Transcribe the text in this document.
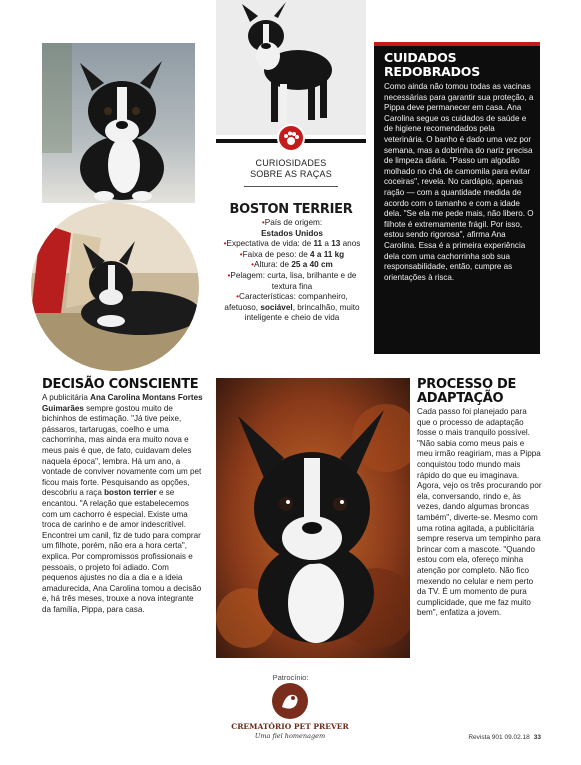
CURIOSIDADES
SOBRE AS RAÇAS
BOSTON TERRIER
• País de origem:
Estados Unidos
• Expectativa de vida: de 11 a 13 anos
• Faixa de peso: de 4 a 11 kg
• Altura: de 25 a 40 cm
• Pelagem: curta, lisa, brilhante e de textura fina
• Características: companheiro, afetuoso, sociável, brincalhão, muito inteligente e cheio de vida
CUIDADOS
REDOBRADOS

Como ainda não tomou todas as vacinas necessárias para garantir sua proteção, a Pippa deve permanecer em casa. Ana Carolina segue os cuidados de saúde e de higiene recomendados pela veterinária. O banho é dado uma vez por semana, mas a dobrinha do nariz precisa de limpeza diária. "Passo um algodão molhado no chá de camomila para evitar coceiras", revela. No cardápio, apenas ração — com a quantidade medida de acordo com o tamanho e com a idade dela. "Se ela me pede mais, não libero. O filhote é extremamente frágil. Por isso, estou sendo rigorosa", afirma Ana Carolina. Essa é a primeira experiência dela com uma cachorrinha sob sua responsabilidade, então, cumpre as orientações à risca.

DECISÃO CONSCIENTE

A publicitária Ana Carolina Montans Fortes Guimarães sempre gostou muito de bichinhos de estimação. "Já tive peixe, pássaros, tartarugas, coelho e uma cachorrinha, mas ainda era muito nova e meus pais é que, de fato, cuidavam deles naquela época", lembra. Há um ano, a vontade de conviver novamente com um pet ficou mais forte. Pesquisando as opções, descobriu a raça boston terrier e se encantou. "A relação que estabelecemos com um cachorro é especial. Existe uma troca de carinho e de amor indescritível. Encontrei um canil, fiz de tudo para comprar um filhote, porém, não era a hora certa", explica. Por compromissos profissionais e pessoais, o projeto foi adiado. Com pequenos ajustes no dia a dia e a ideia amadurecida, Ana Carolina tomou a decisão e, há três meses, trouxe a nova integrante da família, Pippa, para casa.

PROCESSO DE
ADAPTAÇÃO

Cada passo foi planejado para que o processo de adaptação fosse o mais tranquilo possível. "Não sabia como meus pais e meu irmão reagiriam, mas a Pippa conquistou todo mundo mais rápido do que eu imaginava. Agora, vejo os três procurando por ela, conversando, rindo e, às vezes, dando algumas broncas também", diverte-se. Mesmo com uma rotina agitada, a publicitária sempre reserva um tempinho para brincar com a mascote. "Quando estou com ela, ofereço minha atenção por completo. Não fico mexendo no celular e nem perto da TV. É um momento de pura cumplicidade, que me faz muito bem", enfatiza a jovem.

Patrocínio:
CREMATÓRIO PET PREVER
Uma fiel homenagem	Revista 901 09.02.18 33
